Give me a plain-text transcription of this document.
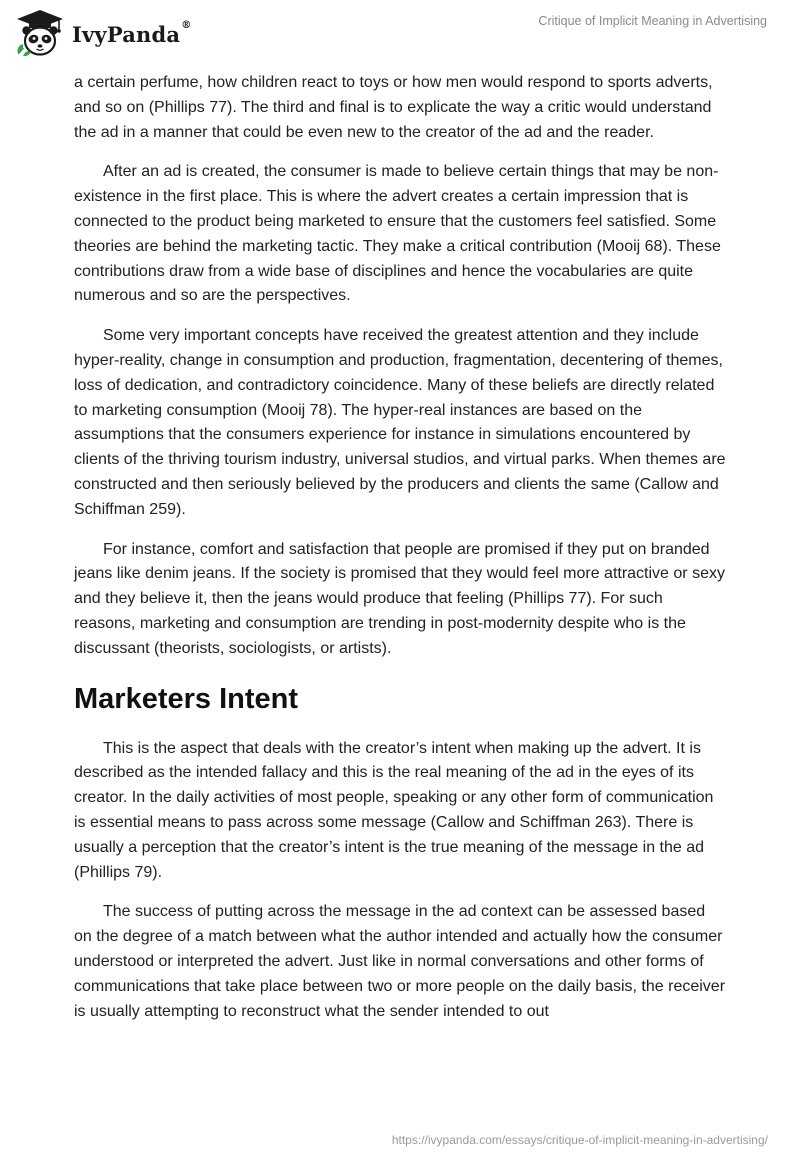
IvyPanda®	Critique of Implicit Meaning in Advertising

a certain perfume, how children react to toys or how men would respond to sports adverts, and so on (Phillips 77). The third and final is to explicate the way a critic would understand the ad in a manner that could be even new to the creator of the ad and the reader.

After an ad is created, the consumer is made to believe certain things that may be non-existence in the first place. This is where the advert creates a certain impression that is connected to the product being marketed to ensure that the customers feel satisfied. Some theories are behind the marketing tactic. They make a critical contribution (Mooij 68). These contributions draw from a wide base of disciplines and hence the vocabularies are quite numerous and so are the perspectives.

Some very important concepts have received the greatest attention and they include hyper-reality, change in consumption and production, fragmentation, decentering of themes, loss of dedication, and contradictory coincidence. Many of these beliefs are directly related to marketing consumption (Mooij 78). The hyper-real instances are based on the assumptions that the consumers experience for instance in simulations encountered by clients of the thriving tourism industry, universal studios, and virtual parks. When themes are constructed and then seriously believed by the producers and clients the same (Callow and Schiffman 259).

For instance, comfort and satisfaction that people are promised if they put on branded jeans like denim jeans. If the society is promised that they would feel more attractive or sexy and they believe it, then the jeans would produce that feeling (Phillips 77). For such reasons, marketing and consumption are trending in post-modernity despite who is the discussant (theorists, sociologists, or artists).

Marketers Intent

This is the aspect that deals with the creator’s intent when making up the advert. It is described as the intended fallacy and this is the real meaning of the ad in the eyes of its creator. In the daily activities of most people, speaking or any other form of communication is essential means to pass across some message (Callow and Schiffman 263). There is usually a perception that the creator’s intent is the true meaning of the message in the ad (Phillips 79).

The success of putting across the message in the ad context can be assessed based on the degree of a match between what the author intended and actually how the consumer understood or interpreted the advert. Just like in normal conversations and other forms of communications that take place between two or more people on the daily basis, the receiver is usually attempting to reconstruct what the sender intended to out

https://ivypanda.com/essays/critique-of-implicit-meaning-in-advertising/
